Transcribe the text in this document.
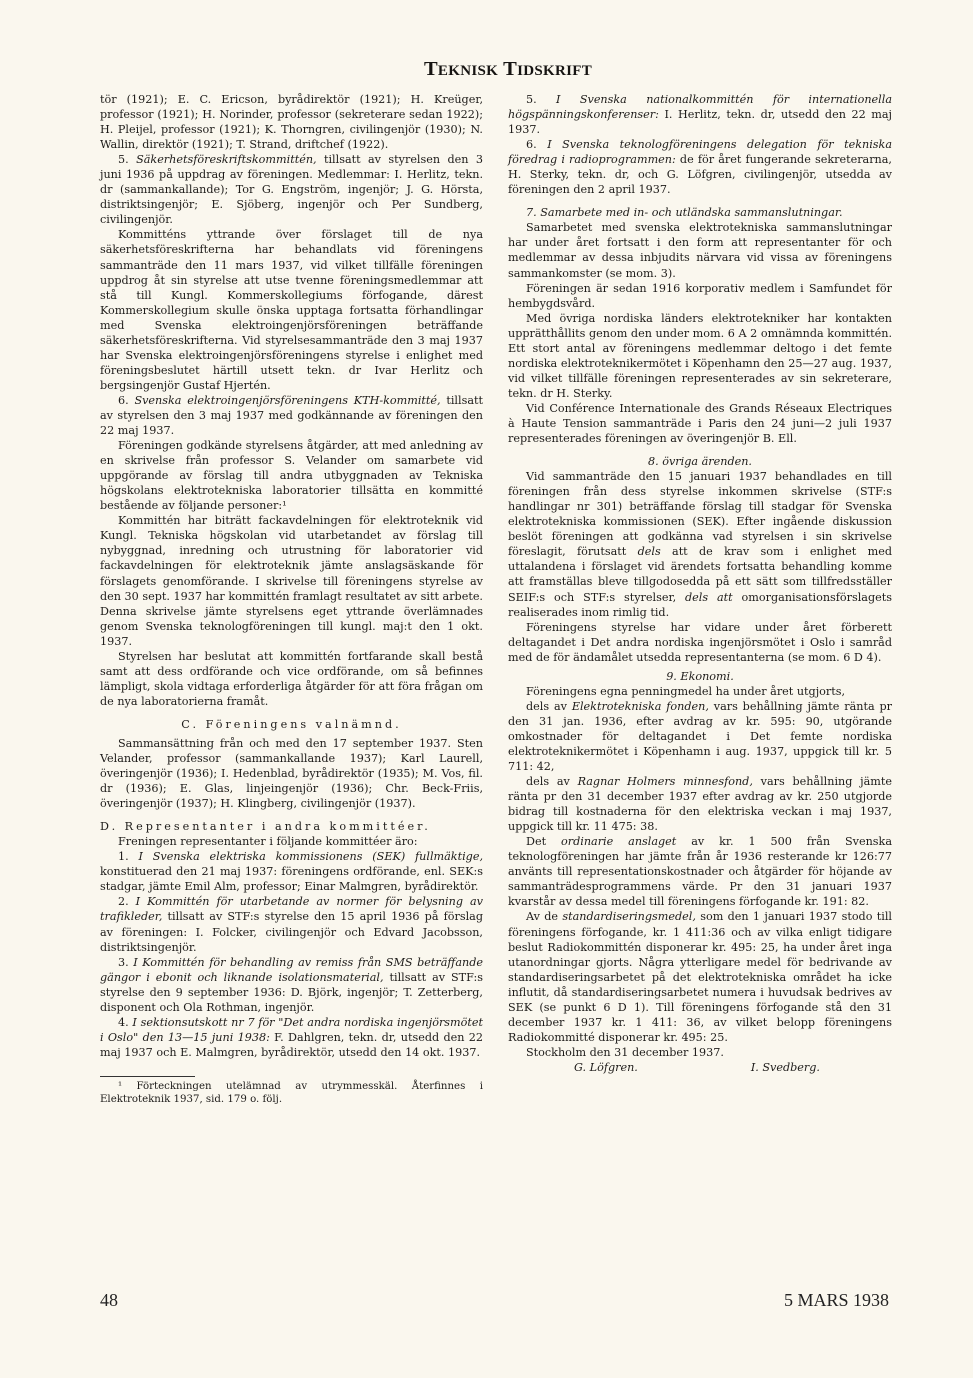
TEKNISK TIDSKRIFT

tör (1921); E. C. Ericson, byrådirektör (1921); H. Kreüger, professor (1921); H. Norinder, professor (sekreterare sedan 1922); H. Pleijel, professor (1921); K. Thorngren, civilingenjör (1930); N. Wallin, direktör (1921); T. Strand, driftchef (1922).

5. Säkerhetsföreskriftskommittén, tillsatt av styrelsen den 3 juni 1936 på uppdrag av föreningen. Medlemmar: I. Herlitz, tekn. dr (sammankallande); Tor G. Engström, ingenjör; J. G. Hörsta, distriktsingenjör; E. Sjöberg, ingenjör och Per Sundberg, civilingenjör.

Kommitténs yttrande över förslaget till de nya säkerhetsföreskrifterna har behandlats vid föreningens sammanträde den 11 mars 1937, vid vilket tillfälle föreningen uppdrog åt sin styrelse att utse tvenne föreningsmedlemmar att stå till Kungl. Kommerskollegiums förfogande, därest Kommerskollegium skulle önska upptaga fortsatta förhandlingar med Svenska elektroingenjörsföreningen beträffande säkerhetsföreskrifterna. Vid styrelsesammanträde den 3 maj 1937 har Svenska elektroingenjörsföreningens styrelse i enlighet med föreningsbeslutet härtill utsett tekn. dr Ivar Herlitz och bergsingenjör Gustaf Hjertén.

6. Svenska elektroingenjörsföreningens KTH-kommitté, tillsatt av styrelsen den 3 maj 1937 med godkännande av föreningen den 22 maj 1937.

Föreningen godkände styrelsens åtgärder, att med anledning av en skrivelse från professor S. Velander om samarbete vid uppgörande av förslag till andra utbyggnaden av Tekniska högskolans elektrotekniska laboratorier tillsätta en kommitté bestående av följande personer:¹

Kommittén har biträtt fackavdelningen för elektroteknik vid Kungl. Tekniska högskolan vid utarbetandet av förslag till nybyggnad, inredning och utrustning för laboratorier vid fackavdelningen för elektroteknik jämte anslagsäskande för förslagets genomförande. I skrivelse till föreningens styrelse av den 30 sept. 1937 har kommittén framlagt resultatet av sitt arbete. Denna skrivelse jämte styrelsens eget yttrande överlämnades genom Svenska teknologföreningen till kungl. maj:t den 1 okt. 1937.

Styrelsen har beslutat att kommittén fortfarande skall bestå samt att dess ordförande och vice ordförande, om så befinnes lämpligt, skola vidtaga erforderliga åtgärder för att föra frågan om de nya laboratorierna framåt.

C. Föreningens valnämnd.

Sammansättning från och med den 17 september 1937. Sten Velander, professor (sammankallande 1937); Karl Laurell, överingenjör (1936); I. Hedenblad, byrådirektör (1935); M. Vos, fil. dr (1936); E. Glas, linjeingenjör (1936); Chr. Beck-Friis, överingenjör (1937); H. Klingberg, civilingenjör (1937).

D. Representanter i andra kommittéer.

Freningen representanter i följande kommittéer äro:

1. I Svenska elektriska kommissionens (SEK) fullmäktige, konstituerad den 21 maj 1937: föreningens ordförande, enl. SEK:s stadgar, jämte Emil Alm, professor; Einar Malmgren, byrådirektör.

2. I Kommittén för utarbetande av normer för belysning av trafikleder, tillsatt av STF:s styrelse den 15 april 1936 på förslag av föreningen: I. Folcker, civilingenjör och Edvard Jacobsson, distriktsingenjör.

3. I Kommittén för behandling av remiss från SMS beträffande gängor i ebonit och liknande isolationsmaterial, tillsatt av STF:s styrelse den 9 september 1936: D. Björk, ingenjör; T. Zetterberg, disponent och Ola Rothman, ingenjör.

4. I sektionsutskott nr 7 för "Det andra nordiska ingenjörsmötet i Oslo" den 13—15 juni 1938: F. Dahlgren, tekn. dr, utsedd den 22 maj 1937 och E. Malmgren, byrådirektör, utsedd den 14 okt. 1937.

¹ Förteckningen utelämnad av utrymmesskäl. Återfinnes i Elektroteknik 1937, sid. 179 o. följ.

5. I Svenska nationalkommittén för internationella högspänningskonferenser: I. Herlitz, tekn. dr, utsedd den 22 maj 1937.

6. I Svenska teknologföreningens delegation för tekniska föredrag i radioprogrammen: de för året fungerande sekreterarna, H. Sterky, tekn. dr, och G. Löfgren, civilingenjör, utsedda av föreningen den 2 april 1937.

7. Samarbete med in- och utländska sammanslutningar.

Samarbetet med svenska elektrotekniska sammanslutningar har under året fortsatt i den form att representanter för och medlemmar av dessa inbjudits närvara vid vissa av föreningens sammankomster (se mom. 3).

Föreningen är sedan 1916 korporativ medlem i Samfundet för hembygdsvård.

Med övriga nordiska länders elektrotekniker har kontakten upprätthållits genom den under mom. 6 A 2 omnämnda kommittén. Ett stort antal av föreningens medlemmar deltogo i det femte nordiska elektroteknikermötet i Köpenhamn den 25—27 aug. 1937, vid vilket tillfälle föreningen representerades av sin sekreterare, tekn. dr H. Sterky.

Vid Conférence Internationale des Grands Réseaux Electriques à Haute Tension sammanträde i Paris den 24 juni—2 juli 1937 representerades föreningen av överingenjör B. Ell.

8. övriga ärenden.

Vid sammanträde den 15 januari 1937 behandlades en till föreningen från dess styrelse inkommen skrivelse (STF:s handlingar nr 301) beträffande förslag till stadgar för Svenska elektrotekniska kommissionen (SEK). Efter ingående diskussion beslöt föreningen att godkänna vad styrelsen i sin skrivelse föreslagit, förutsatt dels att de krav som i enlighet med uttalandena i förslaget vid ärendets fortsatta behandling komme att framställas bleve tillgodosedda på ett sätt som tillfredsställer SEIF:s och STF:s styrelser, dels att omorganisationsförslagets realiserades inom rimlig tid.

Föreningens styrelse har vidare under året förberett deltagandet i Det andra nordiska ingenjörsmötet i Oslo i samråd med de för ändamålet utsedda representanterna (se mom. 6 D 4).

9. Ekonomi.

Föreningens egna penningmedel ha under året utgjorts,

dels av Elektrotekniska fonden, vars behållning jämte ränta pr den 31 jan. 1936, efter avdrag av kr. 595: 90, utgörande omkostnader för deltagandet i Det femte nordiska elektroteknikermötet i Köpenhamn i aug. 1937, uppgick till kr. 5 711: 42,

dels av Ragnar Holmers minnesfond, vars behållning jämte ränta pr den 31 december 1937 efter avdrag av kr. 250 utgjorde bidrag till kostnaderna för den elektriska veckan i maj 1937, uppgick till kr. 11 475: 38.

Det ordinarie anslaget av kr. 1 500 från Svenska teknologföreningen har jämte från år 1936 resterande kr 126:77 använts till representationskostnader och åtgärder för höjande av sammanträdesprogrammens värde. Pr den 31 januari 1937 kvarstår av dessa medel till föreningens förfogande kr. 191: 82.

Av de standardiseringsmedel, som den 1 januari 1937 stodo till föreningens förfogande, kr. 1 411:36 och av vilka enligt tidigare beslut Radiokommittén disponerar kr. 495: 25, ha under året inga utanordningar gjorts. Några ytterligare medel för bedrivande av standardiseringsarbetet på det elektrotekniska området ha icke influtit, då standardiseringsarbetet numera i huvudsak bedrives av SEK (se punkt 6 D 1). Till föreningens förfogande stå den 31 december 1937 kr. 1 411: 36, av vilket belopp föreningens Radiokommitté disponerar kr. 495: 25.

Stockholm den 31 december 1937.

G. Löfgren.	I. Svedberg.
48	5 MARS 1938
